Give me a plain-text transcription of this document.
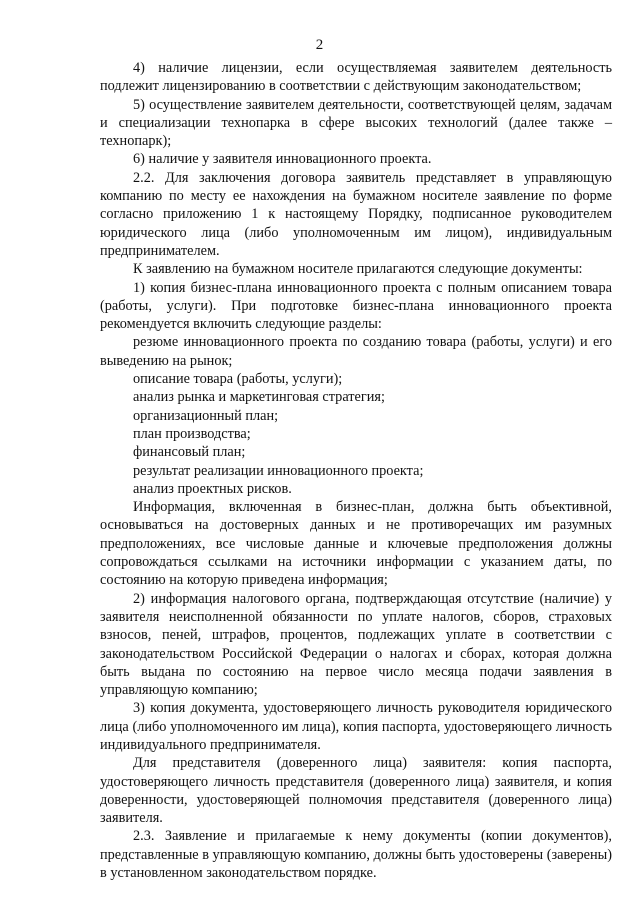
2

4) наличие лицензии, если осуществляемая заявителем деятельность подлежит лицензированию в соответствии с действующим законодательством;

5) осуществление заявителем деятельности, соответствующей целям, задачам и специализации технопарка в сфере высоких технологий (далее также – технопарк);

6) наличие у заявителя инновационного проекта.

2.2. Для заключения договора заявитель представляет в управляющую компанию по месту ее нахождения на бумажном носителе заявление по форме согласно приложению 1 к настоящему Порядку, подписанное руководителем юридического лица (либо уполномоченным им лицом), индивидуальным предпринимателем.

К заявлению на бумажном носителе прилагаются следующие документы:

1) копия бизнес-плана инновационного проекта с полным описанием товара (работы, услуги). При подготовке бизнес-плана инновационного проекта рекомендуется включить следующие разделы:

резюме инновационного проекта по созданию товара (работы, услуги) и его выведению на рынок;

описание товара (работы, услуги);

анализ рынка и маркетинговая стратегия;

организационный план;

план производства;

финансовый план;

результат реализации инновационного проекта;

анализ проектных рисков.

Информация, включенная в бизнес-план, должна быть объективной, основываться на достоверных данных и не противоречащих им разумных предположениях, все числовые данные и ключевые предположения должны сопровождаться ссылками на источники информации с указанием даты, по состоянию на которую приведена информация;

2) информация налогового органа, подтверждающая отсутствие (наличие) у заявителя неисполненной обязанности по уплате налогов, сборов, страховых взносов, пеней, штрафов, процентов, подлежащих уплате в соответствии с законодательством Российской Федерации о налогах и сборах, которая должна быть выдана по состоянию на первое число месяца подачи заявления в управляющую компанию;

3) копия документа, удостоверяющего личность руководителя юридического лица (либо уполномоченного им лица), копия паспорта, удостоверяющего личность индивидуального предпринимателя.

Для представителя (доверенного лица) заявителя: копия паспорта, удостоверяющего личность представителя (доверенного лица) заявителя, и копия доверенности, удостоверяющей полномочия представителя (доверенного лица) заявителя.

2.3. Заявление и прилагаемые к нему документы (копии документов), представленные в управляющую компанию, должны быть удостоверены (заверены) в установленном законодательством порядке.
